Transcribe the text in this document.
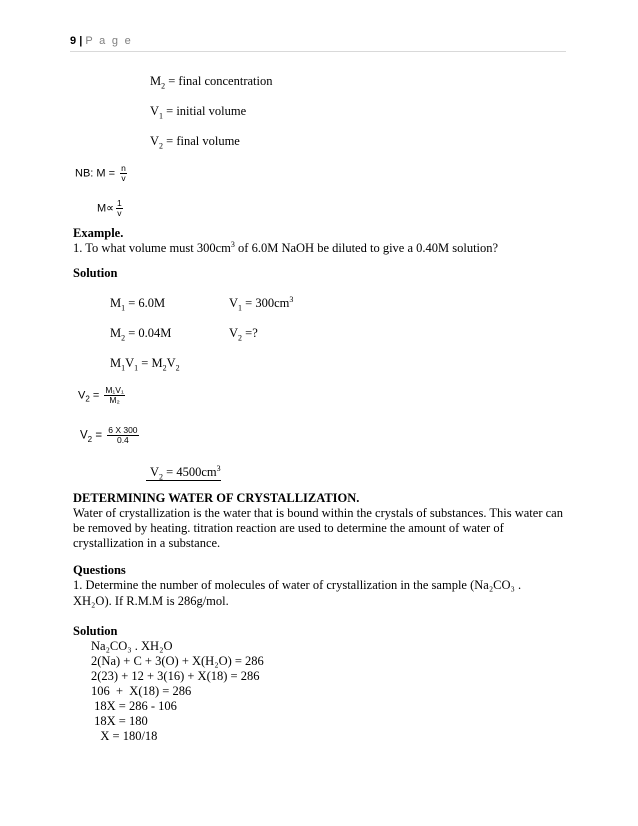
9 | P a g e
$M_2$ = final concentration
$V_1$ = initial volume
$V_2$ = final volume
NB: $M = \frac{n}{v}$
$M\propto \frac{1}{v}$
Example.
1. To what volume must $300cm^3$ of 6.0M NaOH be diluted to give a 0.40M solution?
Solution
$M_1 = 6.0M$	$V_1 = 300cm^3$
$M_2 = 0.04M$	$V_2$ =?
$M_1V_1 = M_2V_2$
$V_2 = \frac{\text{M₁V₁}}{\text{M₂}}$
$V_2 = \frac{6 X 300}{0.4}$
$V_2 = 4500cm^3$
DETERMINING WATER OF CRYSTALLIZATION.
Water of crystallization is the water that is bound within the crystals of substances. This water can be removed by heating. titration reaction are used to determine the amount of water of crystallization in a substance.
Questions
1. Determine the number of molecules of water of crystallization in the sample (Na₂CO₃ .
XH₂O). If R.M.M is 286g/mol.
Solution
Na₂CO₃ . XH₂O
2(Na) + C + 3(O) + X(H₂O) = 286
2(23) + 12 + 3(16) + X(18) = 286
106  +  X(18) = 286
18X = 286 - 106
18X = 180
X = 180/18
